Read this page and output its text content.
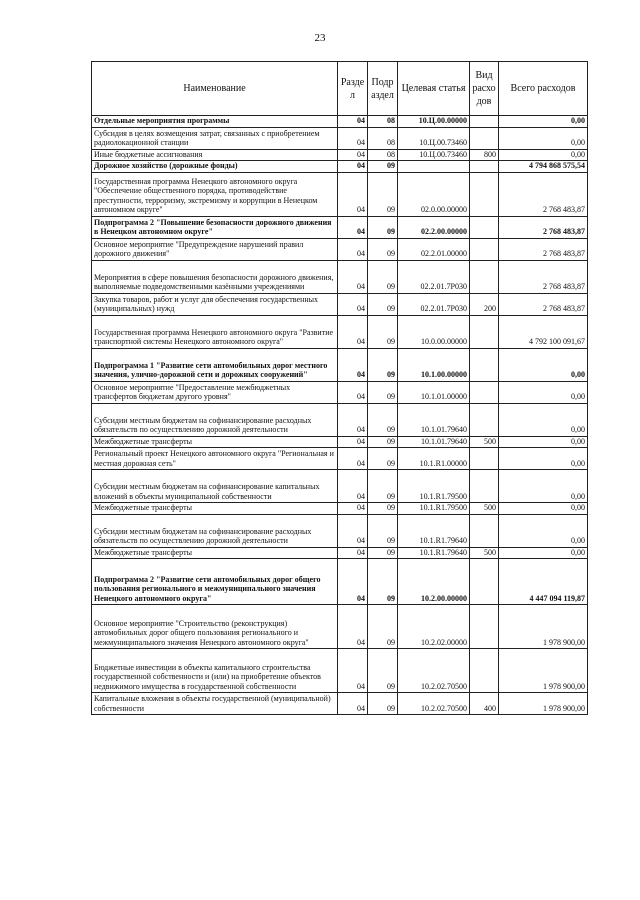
23
Наименование	Разде л	Подр аздел	Целевая статья	Вид расхо дов	Всего расходов
Отдельные мероприятия программы	04	08	10.Ц.00.00000		0,00
Субсидия в целях возмещения затрат, связанных с приобретением радиолокационной станции	04	08	10.Ц.00.73460		0,00
Иные бюджетные ассигнования	04	08	10.Ц.00.73460	800	0,00
Дорожное хозяйство (дорожные фонды)	04	09			4 794 868 575,54
Государственная программа Ненецкого автономного округа "Обеспечение общественного порядка, противодействие преступности, терроризму, экстремизму и коррупции в Ненецком автономном округе"	04	09	02.0.00.00000		2 768 483,87
Подпрограмма 2 "Повышение безопасности дорожного движения в Ненецком автономном округе"	04	09	02.2.00.00000		2 768 483,87
Основное мероприятие "Предупреждение нарушений правил дорожного движения"	04	09	02.2.01.00000		2 768 483,87
Мероприятия в сфере повышения безопасности дорожного движения, выполняемые подведомственными казёнными учреждениями	04	09	02.2.01.7Р030		2 768 483,87
Закупка товаров, работ и услуг для обеспечения государственных (муниципальных) нужд	04	09	02.2.01.7Р030	200	2 768 483,87
Государственная программа Ненецкого автономного округа "Развитие транспортной системы Ненецкого автономного округа"	04	09	10.0.00.00000		4 792 100 091,67
Подпрограмма 1 "Развитие сети автомобильных дорог местного значения, улично-дорожной сети и дорожных сооружений"	04	09	10.1.00.00000		0,00
Основное мероприятие "Предоставление межбюджетных трансфертов бюджетам другого уровня"	04	09	10.1.01.00000		0,00
Субсидии местным бюджетам на софинансирование расходных обязательств по осуществлению дорожной деятельности	04	09	10.1.01.79640		0,00
Межбюджетные трансферты	04	09	10.1.01.79640	500	0,00
Региональный проект Ненецкого автономного округа "Региональная и местная дорожная сеть"	04	09	10.1.R1.00000		0,00
Субсидии местным бюджетам на софинансирование капитальных вложений в объекты муниципальной собственности	04	09	10.1.R1.79500		0,00
Межбюджетные трансферты	04	09	10.1.R1.79500	500	0,00
Субсидии местным бюджетам на софинансирование расходных обязательств по осуществлению дорожной деятельности	04	09	10.1.R1.79640		0,00
Межбюджетные трансферты	04	09	10.1.R1.79640	500	0,00
Подпрограмма 2 "Развитие сети автомобильных дорог общего пользования регионального и межмуниципального значения Ненецкого автономного округа"	04	09	10.2.00.00000		4 447 094 119,87
Основное мероприятие "Строительство (реконструкция) автомобильных дорог общего пользования регионального и межмуниципального значения Ненецкого автономного округа"	04	09	10.2.02.00000		1 978 900,00
Бюджетные инвестиции в объекты капитального строительства государственной собственности и (или) на приобретение объектов недвижимого имущества в государственной собственности	04	09	10.2.02.70500		1 978 900,00
Капитальные вложения в объекты государственной (муниципальной) собственности	04	09	10.2.02.70500	400	1 978 900,00
